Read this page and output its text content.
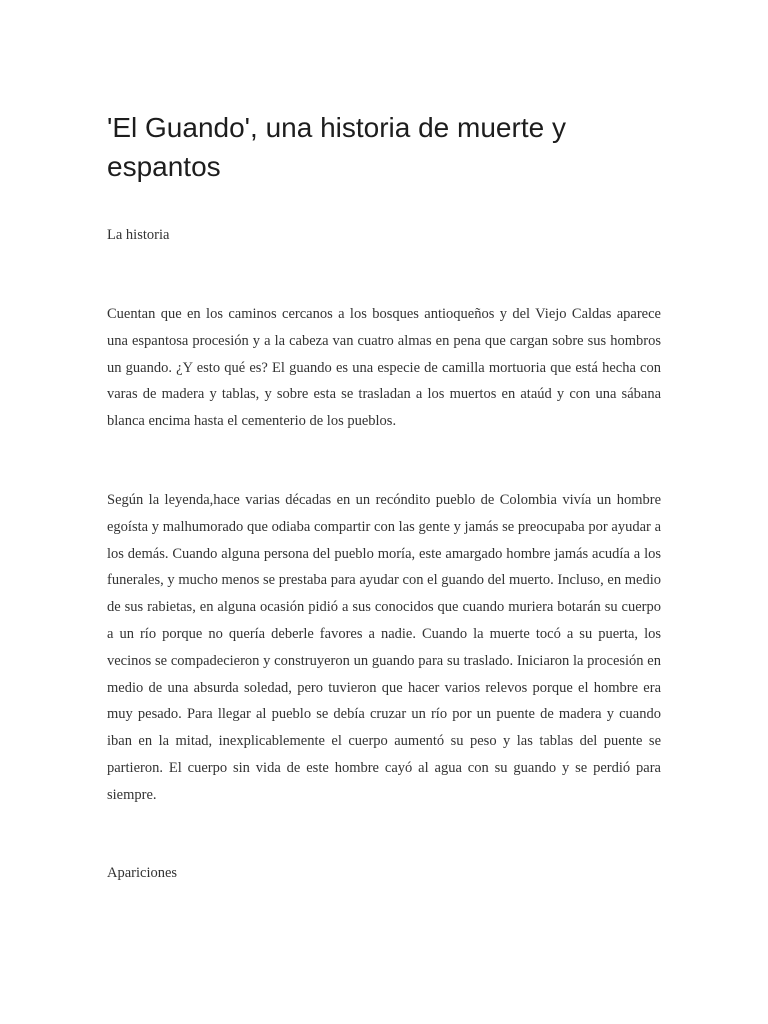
'El Guando', una historia de muerte y espantos
La historia

Cuentan que en los caminos cercanos a los bosques antioqueños y del Viejo Caldas aparece una espantosa procesión y a la cabeza van cuatro almas en pena que cargan sobre sus hombros un guando. ¿Y esto qué es? El guando es una especie de camilla mortuoria que está hecha con varas de madera y tablas, y sobre esta se trasladan a los muertos en ataúd y con una sábana blanca encima hasta el cementerio de los pueblos.

Según la leyenda,hace varias décadas en un recóndito pueblo de Colombia vivía un hombre egoísta y malhumorado que odiaba compartir con las gente y jamás se preocupaba por ayudar a los demás. Cuando alguna persona del pueblo moría, este amargado hombre jamás acudía a los funerales, y mucho menos se prestaba para ayudar con el guando del muerto. Incluso, en medio de sus rabietas, en alguna ocasión pidió a sus conocidos que cuando muriera botarán su cuerpo a un río porque no quería deberle favores a nadie. Cuando la muerte tocó a su puerta, los vecinos se compadecieron y construyeron un guando para su traslado. Iniciaron la procesión en medio de una absurda soledad, pero tuvieron que hacer varios relevos porque el hombre era muy pesado. Para llegar al pueblo se debía cruzar un río por un puente de madera y cuando iban en la mitad, inexplicablemente el cuerpo aumentó su peso y las tablas del puente se partieron. El cuerpo sin vida de este hombre cayó al agua con su guando y se perdió para siempre.

Apariciones
